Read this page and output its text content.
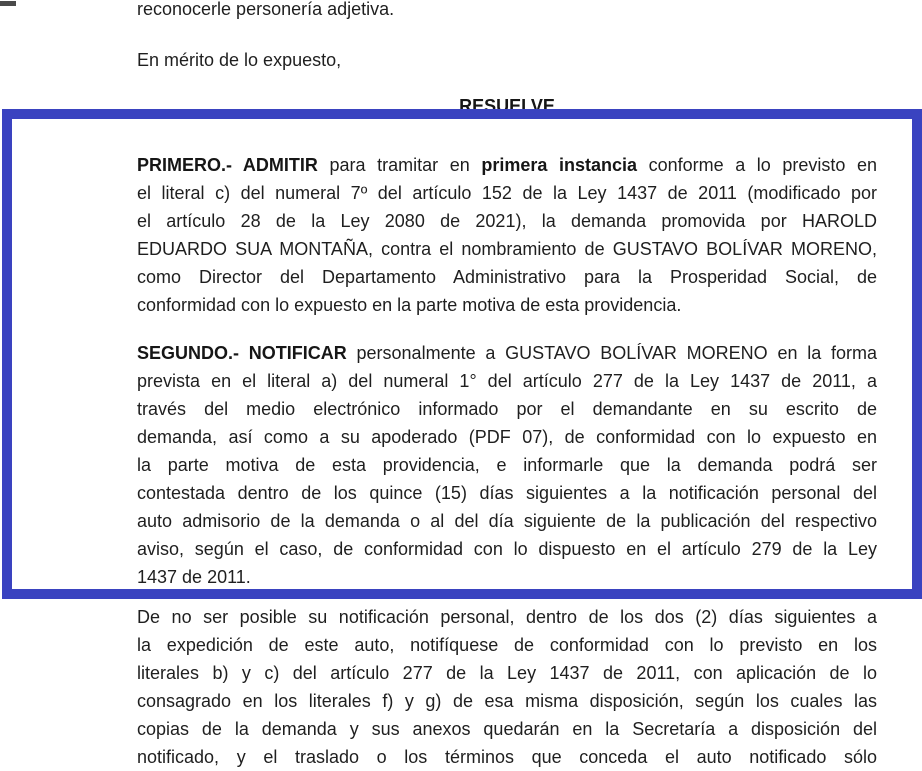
reconocerle personería adjetiva.
En mérito de lo expuesto,
RESUELVE
PRIMERO.- ADMITIR para tramitar en primera instancia conforme a lo previsto en
el literal c) del numeral 7º del artículo 152 de la Ley 1437 de 2011 (modificado por
el artículo 28 de la Ley 2080 de 2021), la demanda promovida por HAROLD
EDUARDO SUA MONTAÑA, contra el nombramiento de GUSTAVO BOLÍVAR MORENO,
como Director del Departamento Administrativo para la Prosperidad Social, de
conformidad con lo expuesto en la parte motiva de esta providencia.
SEGUNDO.- NOTIFICAR personalmente a GUSTAVO BOLÍVAR MORENO en la forma
prevista en el literal a) del numeral 1° del artículo 277 de la Ley 1437 de 2011, a
través del medio electrónico informado por el demandante en su escrito de
demanda, así como a su apoderado (PDF 07), de conformidad con lo expuesto en
la parte motiva de esta providencia, e informarle que la demanda podrá ser
contestada dentro de los quince (15) días siguientes a la notificación personal del
auto admisorio de la demanda o al del día siguiente de la publicación del respectivo
aviso, según el caso, de conformidad con lo dispuesto en el artículo 279 de la Ley
1437 de 2011.
De no ser posible su notificación personal, dentro de los dos (2) días siguientes a
la expedición de este auto, notifíquese de conformidad con lo previsto en los
literales b) y c) del artículo 277 de la Ley 1437 de 2011, con aplicación de lo
consagrado en los literales f) y g) de esa misma disposición, según los cuales las
copias de la demanda y sus anexos quedarán en la Secretaría a disposición del
notificado, y el traslado o los términos que conceda el auto notificado sólo
